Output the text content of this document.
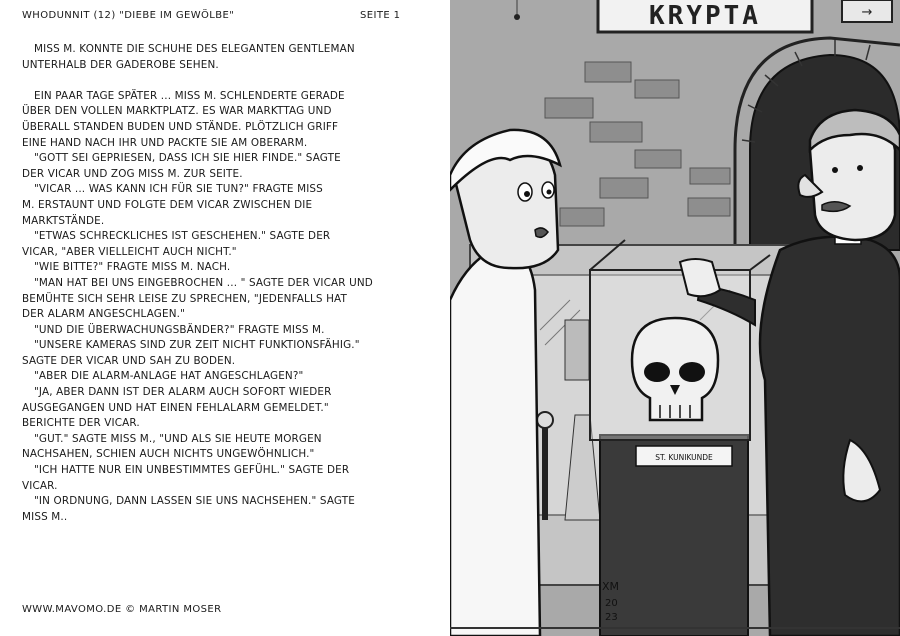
WHODUNNIT (12) "DIEBE IM GEWÖLBE"	SEITE 1

MISS M. KONNTE DIE SCHUHE DES ELEGANTEN GENTLEMAN
UNTERHALB DER GADEROBE SEHEN.

EIN PAAR TAGE SPÄTER ... MISS M. SCHLENDERTE GERADE
ÜBER DEN VOLLEN MARKTPLATZ. ES WAR MARKTTAG UND
ÜBERALL STANDEN BUDEN UND STÄNDE. PLÖTZLICH GRIFF
EINE HAND NACH IHR UND PACKTE SIE AM OBERARM.

"GOTT SEI GEPRIESEN, DASS ICH SIE HIER FINDE." SAGTE
DER VICAR UND ZOG MISS M. ZUR SEITE.

"VICAR ... WAS KANN ICH FÜR SIE TUN?" FRAGTE MISS
M. ERSTAUNT UND FOLGTE DEM VICAR ZWISCHEN DIE
MARKTSTÄNDE.

"ETWAS SCHRECKLICHES IST GESCHEHEN." SAGTE DER
VICAR, "ABER VIELLEICHT AUCH NICHT."

"WIE BITTE?" FRAGTE MISS M. NACH.

"MAN HAT BEI UNS EINGEBROCHEN ... " SAGTE DER VICAR UND
BEMÜHTE SICH SEHR LEISE ZU SPRECHEN, "JEDENFALLS HAT
DER ALARM ANGESCHLAGEN."

"UND DIE ÜBERWACHUNGSBÄNDER?" FRAGTE MISS M.

"UNSERE KAMERAS SIND ZUR ZEIT NICHT FUNKTIONSFÄHIG."
SAGTE DER VICAR UND SAH ZU BODEN.

"ABER DIE ALARM-ANLAGE HAT ANGESCHLAGEN?"

"JA, ABER DANN IST DER ALARM AUCH SOFORT WIEDER
AUSGEGANGEN UND HAT EINEN FEHLALARM GEMELDET."
BERICHTE DER VICAR.

"GUT." SAGTE MISS M., "UND ALS SIE HEUTE MORGEN
NACHSAHEN, SCHIEN AUCH NICHTS UNGEWÖHNLICH."

"ICH HATTE NUR EIN UNBESTIMMTES GEFÜHL." SAGTE DER
VICAR.

"IN ORDNUNG, DANN LASSEN SIE UNS NACHSEHEN." SAGTE
MISS M..

WWW.MAVOMO.DE © MARTIN MOSER
KRYPTA	→
ST. KUNIKUNDE
XM
20
23
